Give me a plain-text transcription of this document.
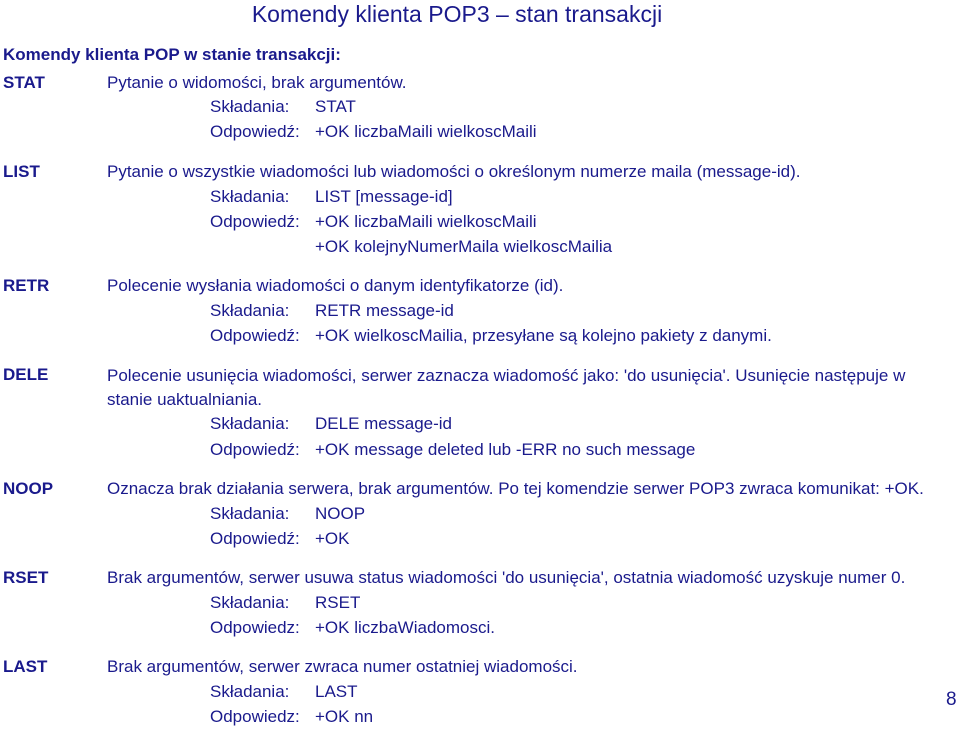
Komendy klienta POP3 – stan transakcji
Komendy klienta POP w stanie transakcji:
STAT	Pytanie o widomości, brak argumentów.
Składania: STAT
Odpowiedź: +OK liczbaMaili wielkoscMaili
LIST	Pytanie o wszystkie wiadomości lub wiadomości o określonym numerze maila (message-id).
Składania: LIST [message-id]
Odpowiedź: +OK liczbaMaili wielkoscMaili
+OK kolejnyNumerMaila wielkoscMailia
RETR	Polecenie wysłania wiadomości o danym identyfikatorze (id).
Składania: RETR message-id
Odpowiedź: +OK wielkoscMailia, przesyłane są kolejno pakiety z danymi.
DELE	Polecenie usunięcia wiadomości, serwer zaznacza wiadomość jako: 'do usunięcia'. Usunięcie następuje w stanie uaktualniania.
Składania: DELE message-id
Odpowiedź: +OK message deleted lub -ERR no such message
NOOP	Oznacza brak działania serwera, brak argumentów. Po tej komendzie serwer POP3 zwraca komunikat: +OK.
Składania: NOOP
Odpowiedź: +OK
RSET	Brak argumentów, serwer usuwa status wiadomości 'do usunięcia', ostatnia wiadomość uzyskuje numer 0.
Składania: RSET
Odpowiedz: +OK liczbaWiadomosci.
LAST	Brak argumentów, serwer zwraca numer ostatniej wiadomości.
Składania: LAST
Odpowiedz: +OK nn
8
